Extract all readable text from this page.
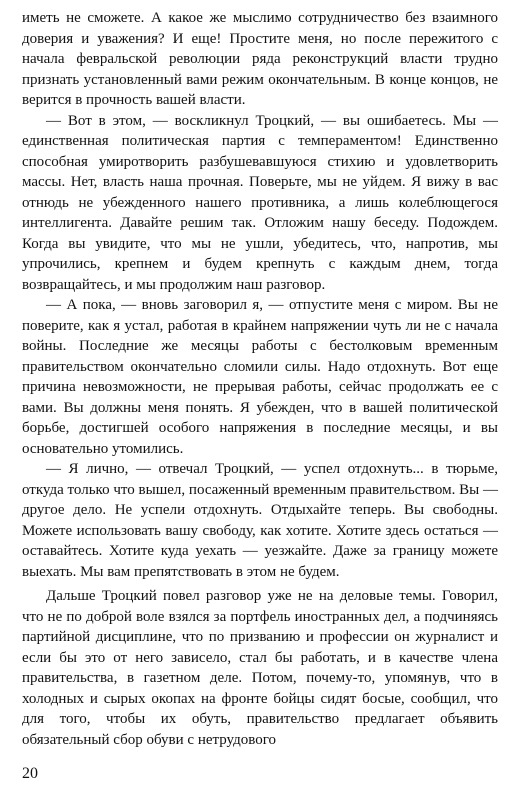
иметь не сможете. А какое же мыслимо сотрудничество без взаимного доверия и уважения? И еще! Простите меня, но после пережитого с начала февральской революции ряда реконструкций власти трудно признать установленный вами режим окончательным. В конце концов, не верится в прочность вашей власти.

— Вот в этом, — воскликнул Троцкий, — вы ошибаетесь. Мы — единственная политическая партия с темпераментом! Единственно способная умиротворить разбушевавшуюся стихию и удовлетворить массы. Нет, власть наша прочная. Поверьте, мы не уйдем. Я вижу в вас отнюдь не убежденного нашего противника, а лишь колеблющегося интеллигента. Давайте решим так. Отложим нашу беседу. Подождем. Когда вы увидите, что мы не ушли, убедитесь, что, напротив, мы упрочились, крепнем и будем крепнуть с каждым днем, тогда возвращайтесь, и мы продолжим наш разговор.

— А пока, — вновь заговорил я, — отпустите меня с миром. Вы не поверите, как я устал, работая в крайнем напряжении чуть ли не с начала войны. Последние же месяцы работы с бестолковым временным правительством окончательно сломили силы. Надо отдохнуть. Вот еще причина невозможности, не прерывая работы, сейчас продолжать ее с вами. Вы должны меня понять. Я убежден, что в вашей политической борьбе, достигшей особого напряжения в последние месяцы, и вы основательно утомились.

— Я лично, — отвечал Троцкий, — успел отдохнуть... в тюрьме, откуда только что вышел, посаженный временным правительством. Вы — другое дело. Не успели отдохнуть. Отдыхайте теперь. Вы свободны. Можете использовать вашу свободу, как хотите. Хотите здесь остаться — оставайтесь. Хотите куда уехать — уезжайте. Даже за границу можете выехать. Мы вам препятствовать в этом не будем.

Дальше Троцкий повел разговор уже не на деловые темы. Говорил, что не по доброй воле взялся за портфель иностранных дел, а подчиняясь партийной дисциплине, что по призванию и профессии он журналист и если бы это от него зависело, стал бы работать, и в качестве члена правительства, в газетном деле. Потом, почему-то, упомянув, что в холодных и сырых окопах на фронте бойцы сидят босые, сообщил, что для того, чтобы их обуть, правительство предлагает объявить обязательный сбор обуви с нетрудового

20
